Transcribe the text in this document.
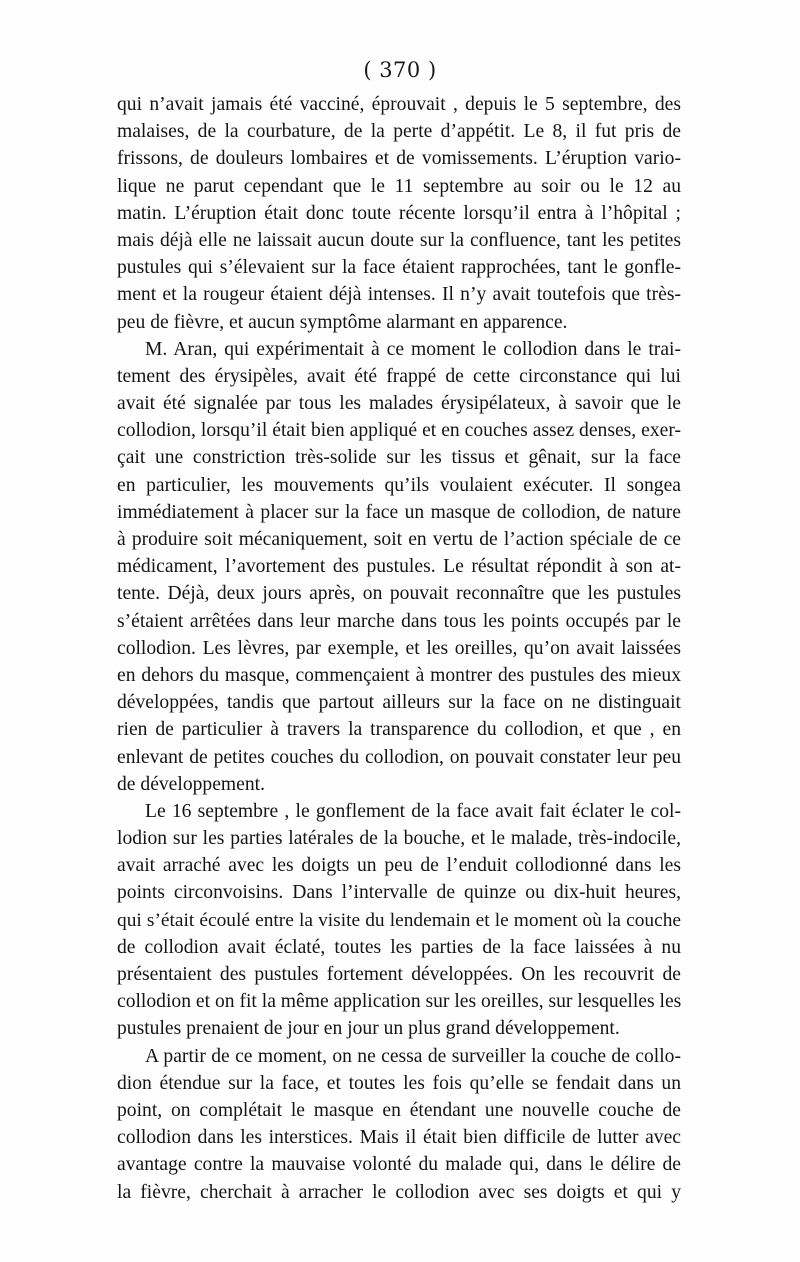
( 370 )
qui n’avait jamais été vacciné, éprouvait , depuis le 5 septembre, des
malaises, de la courbature, de la perte d’appétit. Le 8, il fut pris de
frissons, de douleurs lombaires et de vomissements. L’éruption vario-
lique ne parut cependant que le 11 septembre au soir ou le 12 au
matin. L’éruption était donc toute récente lorsqu’il entra à l’hôpital ;
mais déjà elle ne laissait aucun doute sur la confluence, tant les petites
pustules qui s’élevaient sur la face étaient rapprochées, tant le gonfle-
ment et la rougeur étaient déjà intenses. Il n’y avait toutefois que très-
peu de fièvre, et aucun symptôme alarmant en apparence.
M. Aran, qui expérimentait à ce moment le collodion dans le trai-
tement des érysipèles, avait été frappé de cette circonstance qui lui
avait été signalée par tous les malades érysipélateux, à savoir que le
collodion, lorsqu’il était bien appliqué et en couches assez denses, exer-
çait une constriction très-solide sur les tissus et gênait, sur la face
en particulier, les mouvements qu’ils voulaient exécuter. Il songea
immédiatement à placer sur la face un masque de collodion, de nature
à produire soit mécaniquement, soit en vertu de l’action spéciale de ce
médicament, l’avortement des pustules. Le résultat répondit à son at-
tente. Déjà, deux jours après, on pouvait reconnaître que les pustules
s’étaient arrêtées dans leur marche dans tous les points occupés par le
collodion. Les lèvres, par exemple, et les oreilles, qu’on avait laissées
en dehors du masque, commençaient à montrer des pustules des mieux
développées, tandis que partout ailleurs sur la face on ne distinguait
rien de particulier à travers la transparence du collodion, et que , en
enlevant de petites couches du collodion, on pouvait constater leur peu
de développement.
Le 16 septembre , le gonflement de la face avait fait éclater le col-
lodion sur les parties latérales de la bouche, et le malade, très-indocile,
avait arraché avec les doigts un peu de l’enduit collodionné dans les
points circonvoisins. Dans l’intervalle de quinze ou dix-huit heures,
qui s’était écoulé entre la visite du lendemain et le moment où la couche
de collodion avait éclaté, toutes les parties de la face laissées à nu
présentaient des pustules fortement développées. On les recouvrit de
collodion et on fit la même application sur les oreilles, sur lesquelles les
pustules prenaient de jour en jour un plus grand développement.
A partir de ce moment, on ne cessa de surveiller la couche de collo-
dion étendue sur la face, et toutes les fois qu’elle se fendait dans un
point, on complétait le masque en étendant une nouvelle couche de
collodion dans les interstices. Mais il était bien difficile de lutter avec
avantage contre la mauvaise volonté du malade qui, dans le délire de
la fièvre, cherchait à arracher le collodion avec ses doigts et qui y
